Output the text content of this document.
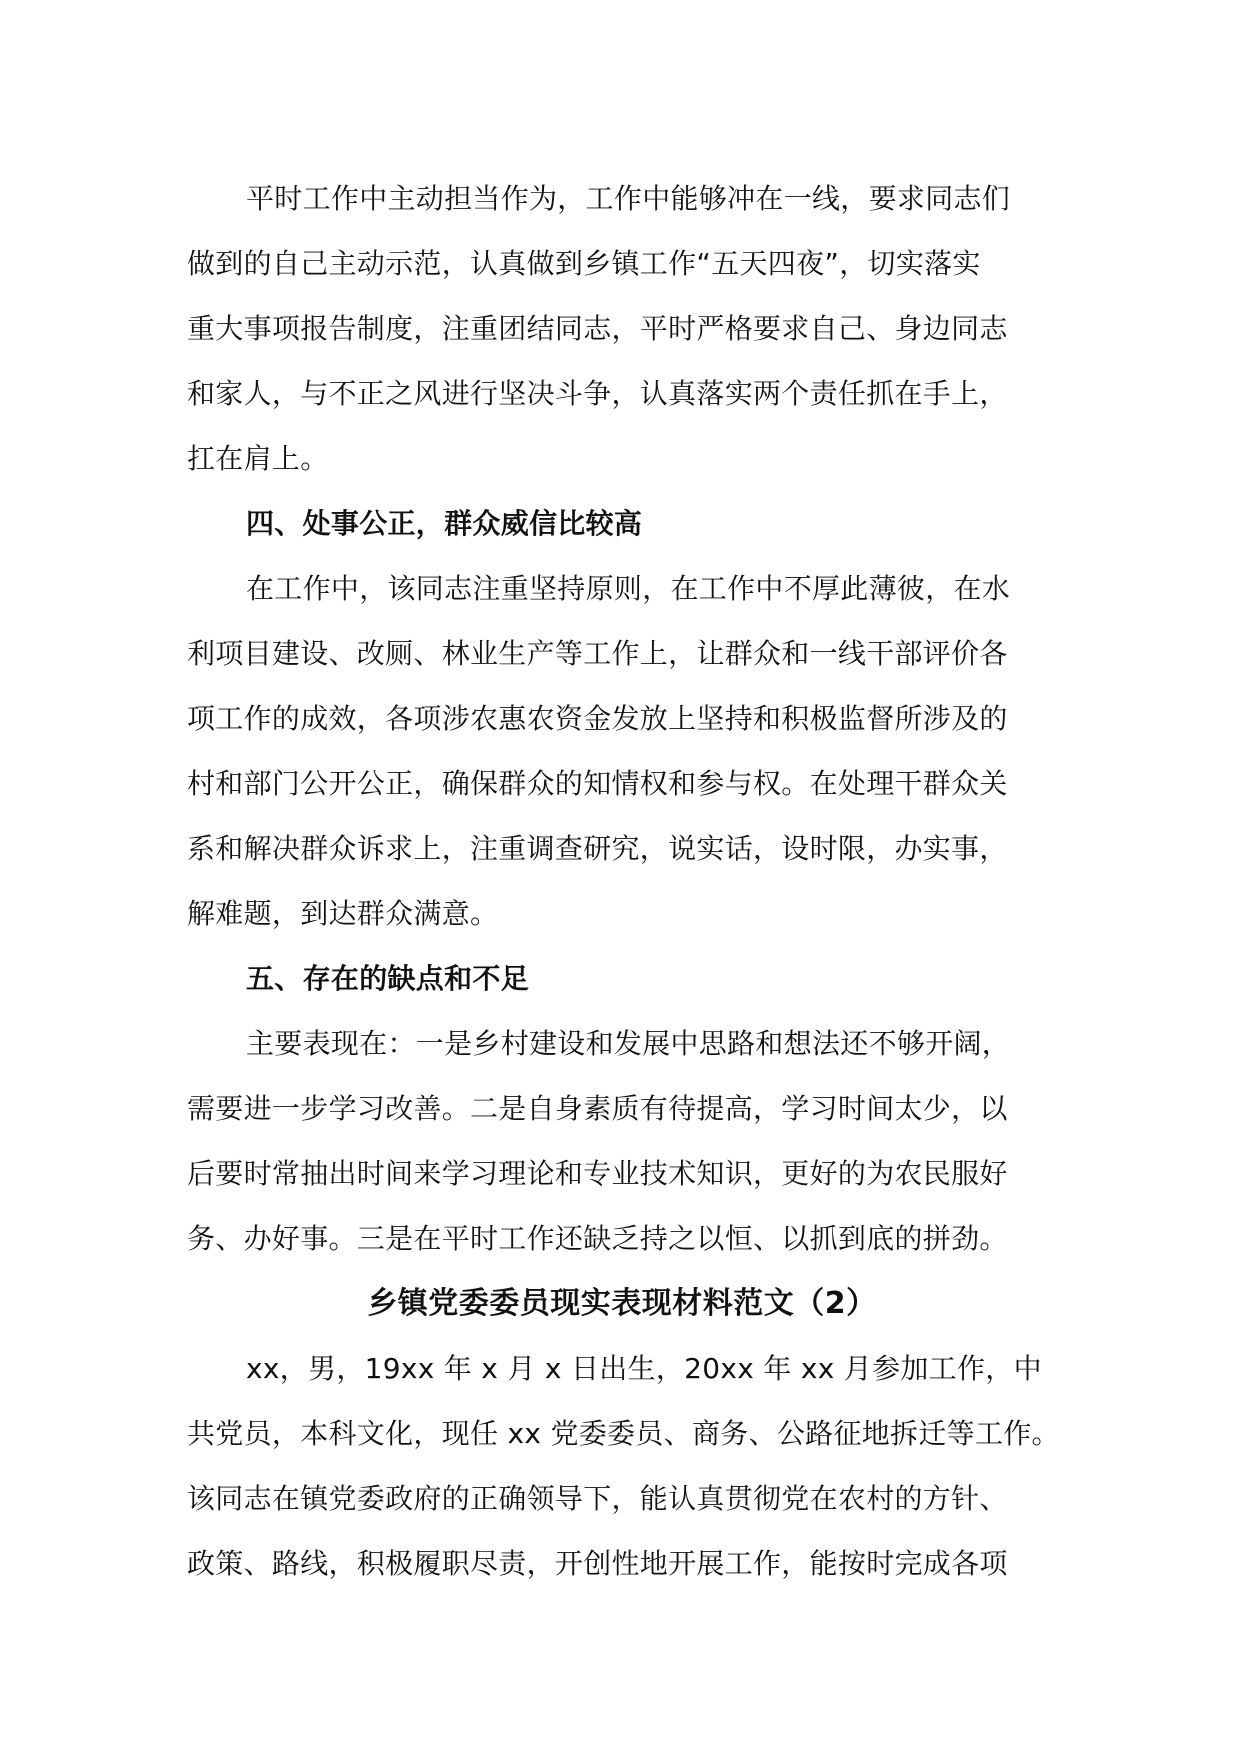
平时工作中主动担当作为，工作中能够冲在一线，要求同志们
做到的自己主动示范，认真做到乡镇工作“五天四夜”，切实落实
重大事项报告制度，注重团结同志，平时严格要求自己、身边同志
和家人，与不正之风进行坚决斗争，认真落实两个责任抓在手上，
扛在肩上。
四、处事公正，群众威信比较高
在工作中，该同志注重坚持原则，在工作中不厚此薄彼，在水
利项目建设、改厕、林业生产等工作上，让群众和一线干部评价各
项工作的成效，各项涉农惠农资金发放上坚持和积极监督所涉及的
村和部门公开公正，确保群众的知情权和参与权。在处理干群众关
系和解决群众诉求上，注重调查研究，说实话，设时限，办实事，
解难题，到达群众满意。
五、存在的缺点和不足
主要表现在：一是乡村建设和发展中思路和想法还不够开阔，
需要进一步学习改善。二是自身素质有待提高，学习时间太少，以
后要时常抽出时间来学习理论和专业技术知识，更好的为农民服好
务、办好事。三是在平时工作还缺乏持之以恒、以抓到底的拼劲。
乡镇党委委员现实表现材料范文（2）
xx，男，19xx 年 x 月 x 日出生，20xx 年 xx 月参加工作，中
共党员，本科文化，现任 xx 党委委员、商务、公路征地拆迁等工作。
该同志在镇党委政府的正确领导下，能认真贯彻党在农村的方针、
政策、路线，积极履职尽责，开创性地开展工作，能按时完成各项
